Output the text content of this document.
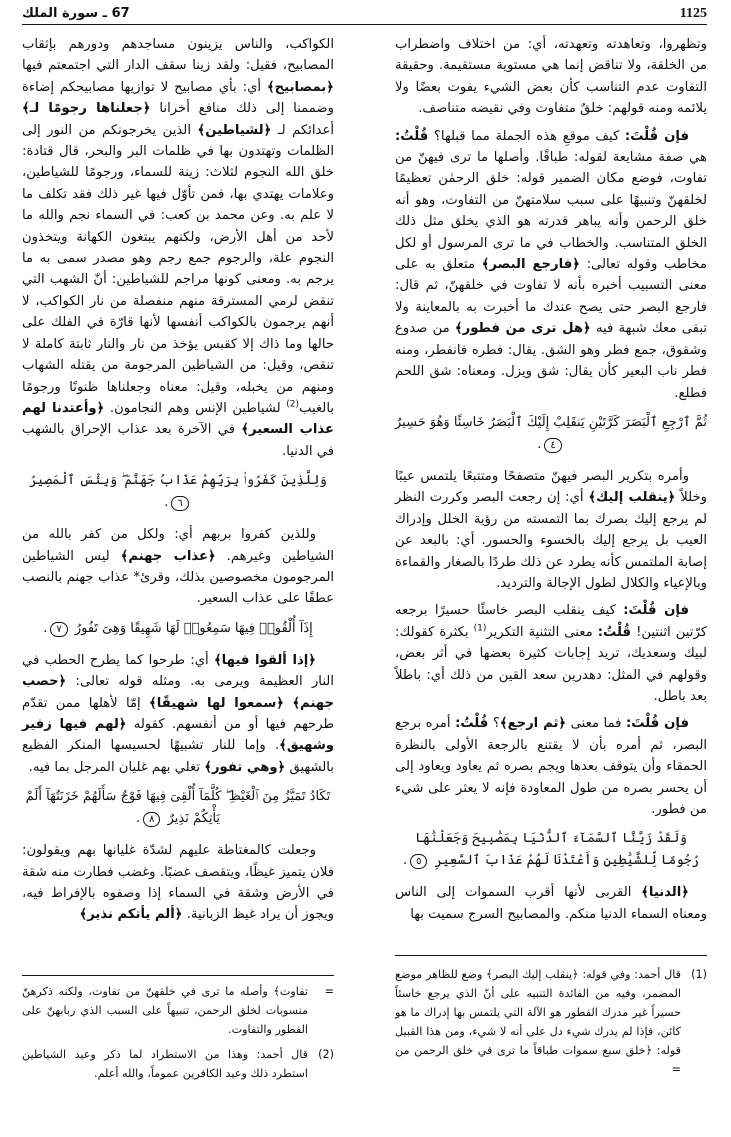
1125
67 ـ سورة الملك

وتظهروا، وتعاهدته وتعهدته، أي: من اختلاف واضطراب من الخلقة، ولا تناقض إنما هي مستوية مستقيمة. وحقيقة التفاوت عدم التناسب كأن بعض الشيء يفوت بعضًا ولا يلائمه ومنه قولهم: خلقٌ متفاوت وفي نقيضه متناصف.

فإن قُلْتَ: كيف موقعِ هذه الجملة مما قبلها؟ قُلْتُ: هي صفة مشايعة لقوله: طباقًا. وأصلها ما ترى فيهنّ من تفاوت، فوضع مكان الضمير قوله: خلق الرحمٰن تعظيمًا لخلقهنّ وتنبيهًا على سبب سلامتهنّ من التفاوت، وهو أنه خلق الرحمن وأنه يباهر قدرته هو الذي يخلق مثل ذلك الخلق المتناسب. والخطاب في ما ترى المرسول أو لكل مخاطب وقوله تعالى: ﴿فارجع البصر﴾ متعلق به على معنى التسبيب أخبره بأنه لا تفاوت في خلقهنّ، ثم قال: فارجع البصر حتى يصح عندك ما أخبرت به بالمعاينة ولا تبقى معك شبهة فيه ﴿هل ترى من فطور﴾ من صدوع وشقوق، جمع فطر وهو الشق. يقال: فطره فانفطر، ومنه فطر ناب البعير كأن يقال: شق ويزل. ومعناه: شق اللحم فطلع.

ثُمَّ ٱرْجِعِ ٱلْبَصَرَ كَرَّتَيْنِ يَنقَلِبْ إِلَيْكَ ٱلْبَصَرُ خَاسِئًا وَهُوَ حَسِيرٌ ٤.

وأمره بتكرير البصر فيهنّ متصفحًا ومتتبعًا يلتمس عيبًا وخللاً ﴿ينقلب إليك﴾ أي: إن رجعت البصر وكررت النظر لم يرجع إليك بصرك بما التمسته من رؤية الخلل وإدراك العيب بل يرجع إليك بالخسوء والحسور. أي: بالبعد عن إصابة الملتمس كأنه يطرد عن ذلك طردًا بالصغار والقماءة وبالإعياء والكلال لطول الإجالة والترديد.

فإن قُلْتَ: كيف ينقلب البصر خاسئًا حسيرًا برجعه كرّتين اثنتين! قُلْتُ: معنى التثنية التكرير$^{(1)}$ بكثرة كقولك: لبيك وسعديك، تريد إجابات كثيرة بعضها في أثر بعض، وقولهم في المثل: دهدرين سعد القين من ذلك أي: باطلاً بعد باطل.

فإن قُلْتَ: فما معنى ﴿ثم ارجع﴾؟ قُلْتُ: أمره برجع البصر، ثم أمره بأن لا يقتنع بالرجعة الأولى بالنظرة الحمقاء وأن يتوقف بعدها ويجم بصره ثم يعاود ويعاود إلى أن يحسر بصره من طول المعاودة فإنه لا يعثر على شيء من فطور.

وَلَقَدْ زَيَّنَّا ٱلسَّمَآءَ ٱلدُّنْيَا بِمَصَٰبِيحَ وَجَعَلْنَٰهَا رُجُومًا لِّلشَّيَٰطِينِ وَأَعْتَدْنَا لَهُمْ عَذَابَ ٱلسَّعِيرِ ٥.

﴿الدنيا﴾ القربى لأنها أقرب السموات إلى الناس ومعناه السماء الدنيا منكم. والمصابيح السرج سميت بها

الكواكب، والناس يزينون مساجدهم ودورهم بإثقاب المصابيح، فقيل: ولقد زينا سقف الدار التي اجتمعتم فيها ﴿بمصابيح﴾ أي: بأي مصابيح لا توازيها مصابيحكم إضاءة وضممنا إلى ذلك منافع أخرانا ﴿جعلناها رجومًا لـ﴾ أعدائكم لـ ﴿لشياطين﴾ الذين يخرجونكم من النور إلى الظلمات وتهتدون بها في ظلمات البر والبحر، قال قتادة: خلق الله النجوم لثلاث: زينة للسماء، ورجومًا للشياطين، وعلامات يهتدي بها، فمن تأوّل فيها غير ذلك فقد تكلف ما لا علم به. وعن محمد بن كعب: في السماء نجم والله ما لأحد من أهل الأرض، ولكنهم يبتغون الكهانة ويتخذون النجوم علة، والرجوم جمع رجم وهو مصدر سمى به ما يرجم به. ومعنى كونها مراجم للشياطين: أنّ الشهب التي تنقض لرمي المسترقة منهم منفصلة من نار الكواكب، لا أنهم يرجمون بالكواكب أنفسها لأنها قارّة في الفلك على حالها وما ذاك إلا كقبس يؤخذ من نار والنار ثابتة كاملة لا تنقص، وقيل: من الشياطين المرجومة من يقتله الشهاب ومنهم من يخبله، وقيل: معناه وجعلناها ظنونًا ورجومًا بالغيب$^{(2)}$ لشياطين الإنس وهم النجامون. ﴿وأعتدنا لهم عذاب السعير﴾ في الآخرة بعد عذاب الإحراق بالشهب في الدنيا.

وَلِلَّذِينَ كَفَرُوا۟ بِرَبِّهِمْ عَذَابُ جَهَنَّمَ ۖ وَبِئْسَ ٱلْمَصِيرُ ٦.

وللذين كفروا بربهم أي: ولكل من كفر بالله من الشياطين وغيرهم. ﴿عذاب جهنم﴾ ليس الشياطين المرجومون مخصوصين بذلك، وقرئ* عذاب جهنم بالنصب عطفًا على عذاب السعير.

إِذَآ أُلْقُوا۟ فِيهَا سَمِعُوا۟ لَهَا شَهِيقًا وَهِىَ تَفُورُ ٧.

﴿إذا ألقوا فيها﴾ أي: طرحوا كما يطرح الحطب في النار العظيمة ويرمى به. ومثله قوله تعالى: ﴿حصب جهنم﴾ ﴿سمعوا لها شهيقًا﴾ إمّا لأهلها ممن تقدّم طرحهم فيها أو من أنفسهم. كقوله ﴿لهم فيها زفير وشهيق﴾. وإما للنار تشبيهًا لحسيسها المنكر الفظيع بالشهيق ﴿وهي تفور﴾ تغلي بهم غليان المرجل بما فيه.

تَكَادُ تَمَيَّزُ مِنَ ٱلْغَيْظِ ۖ كُلَّمَآ أُلْقِىَ فِيهَا فَوْجٌ سَأَلَهُمْ خَزَنَتُهَآ أَلَمْ يَأْتِكُمْ نَذِيرٌ ٨.

وجعلت كالمغتاظة عليهم لشدّة غليانها بهم ويقولون: فلان يتميز غيظًا، ويتقصف غضبًا. وغضب فطارت منه شقة في الأرض وشقة في السماء إذا وصفوه بالإفراط فيه، ويجوز أن يراد غيظ الزبانية. ﴿ألم يأتكم نذير﴾

(1)
قال أحمد: وفي قوله: ﴿ينقلب إليك البصر﴾ وضع للظاهر موضع المضمر، وفيه من الفائدة التنبيه على أنّ الذي يرجع خاسئاً حسيراً غير مدرك الفطور هو الآلة التي يلتمس بها إدراك ما هو كائن، فإذا لم يدرك شيء دل على أنه لا شيء، ومن هذا القبيل قوله: ﴿خلق سبع سموات طباقاً ما ترى في خلق الرحمن من =
=
تفاوت﴾ وأصله ما ترى في خلقهنّ من تفاوت، ولكنه ذكرهنّ منسوبات لخلق الرحمن، تنبيهاً على السبب الذي ربابهنّ على الفطور والتفاوت.
(2)
قال أحمد: وهذا من الاستطراد لما ذكر وعيد الشياطين استطرد ذلك وعيد الكافرين عموماً، والله أعلم.
